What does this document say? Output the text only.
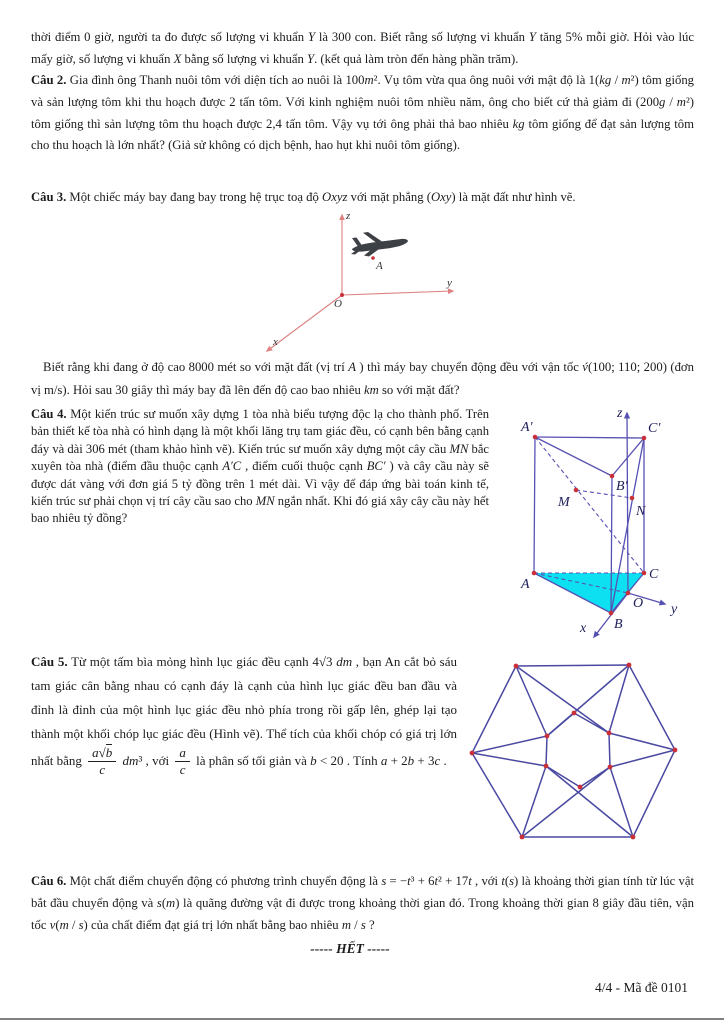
thời điểm 0 giờ, người ta đo được số lượng vi khuẩn Y là 300 con. Biết rằng số lượng vi khuẩn Y tăng 5% mỗi giờ. Hỏi vào lúc mấy giờ, số lượng vi khuẩn X bằng số lượng vi khuẩn Y. (kết quả làm tròn đến hàng phần trăm).

Câu 2. Gia đình ông Thanh nuôi tôm với diện tích ao nuôi là 100m². Vụ tôm vừa qua ông nuôi với mật độ là 1(kg / m²) tôm giống và sản lượng tôm khi thu hoạch được 2 tấn tôm. Với kinh nghiệm nuôi tôm nhiều năm, ông cho biết cứ thả giảm đi (200g / m²) tôm giống thì sản lượng tôm thu hoạch được 2,4 tấn tôm. Vậy vụ tới ông phải thả bao nhiêu kg tôm giống để đạt sản lượng tôm cho thu hoạch là lớn nhất? (Giả sử không có dịch bệnh, hao hụt khi nuôi tôm giống).

Câu 3. Một chiếc máy bay đang bay trong hệ trục toạ độ Oxyz với mặt phẳng (Oxy) là mặt đất như hình vẽ.

z
y
x
O
A

Biết rằng khi đang ở độ cao 8000 mét so với mặt đất (vị trí A ) thì máy bay chuyển động đều với vận tốc v́(100; 110; 200) (đơn vị m/s). Hỏi sau 30 giây thì máy bay đã lên đến độ cao bao nhiêu km so với mặt đất?

Câu 4. Một kiến trúc sư muốn xây dựng 1 tòa nhà biểu tượng độc lạ cho thành phố. Trên bản thiết kế tòa nhà có hình dạng là một khối lăng trụ tam giác đều, có cạnh bên bằng cạnh đáy và dài 306 mét (tham khảo hình vẽ). Kiến trúc sư muốn xây dựng một cây cầu MN bắc xuyên tòa nhà (điểm đầu thuộc cạnh A′C , điểm cuối thuộc cạnh BC′ ) và cây cầu này sẽ được dát vàng với đơn giá 5 tỷ đồng trên 1 mét dài. Vì vậy để đáp ứng bài toán kinh tế, kiến trúc sư phải chọn vị trí cây cầu sao cho MN ngắn nhất. Khi đó giá xây cây cầu này hết bao nhiêu tỷ đồng?

A′	C′
B′
M
N
A
B
C
O
z
y
x

Câu 5. Từ một tấm bìa mỏng hình lục giác đều cạnh 4√3 dm , bạn An cắt bỏ sáu tam giác cân bằng nhau có cạnh đáy là cạnh của hình lục giác đều ban đầu và đỉnh là đỉnh của một hình lục giác đều nhỏ phía trong rồi gấp lên, ghép lại tạo thành một khối chóp lục giác đều (Hình vẽ). Thể tích của khối chóp có giá trị lớn nhất bằng $\frac{a√b}{c} dm^3$ , với $\frac{a}{c}$ là phân số tối giản và b < 20 . Tính a + 2b + 3c .

Câu 6. Một chất điểm chuyển động có phương trình chuyển động là s = −t³ + 6t² + 17t , với t(s) là khoảng thời gian tính từ lúc vật bắt đầu chuyển động và s(m) là quãng đường vật đi được trong khoảng thời gian đó. Trong khoảng thời gian 8 giây đầu tiên, vận tốc v(m / s) của chất điểm đạt giá trị lớn nhất bằng bao nhiêu m / s ?

----- HẾT -----
4/4 - Mã đề 0101
